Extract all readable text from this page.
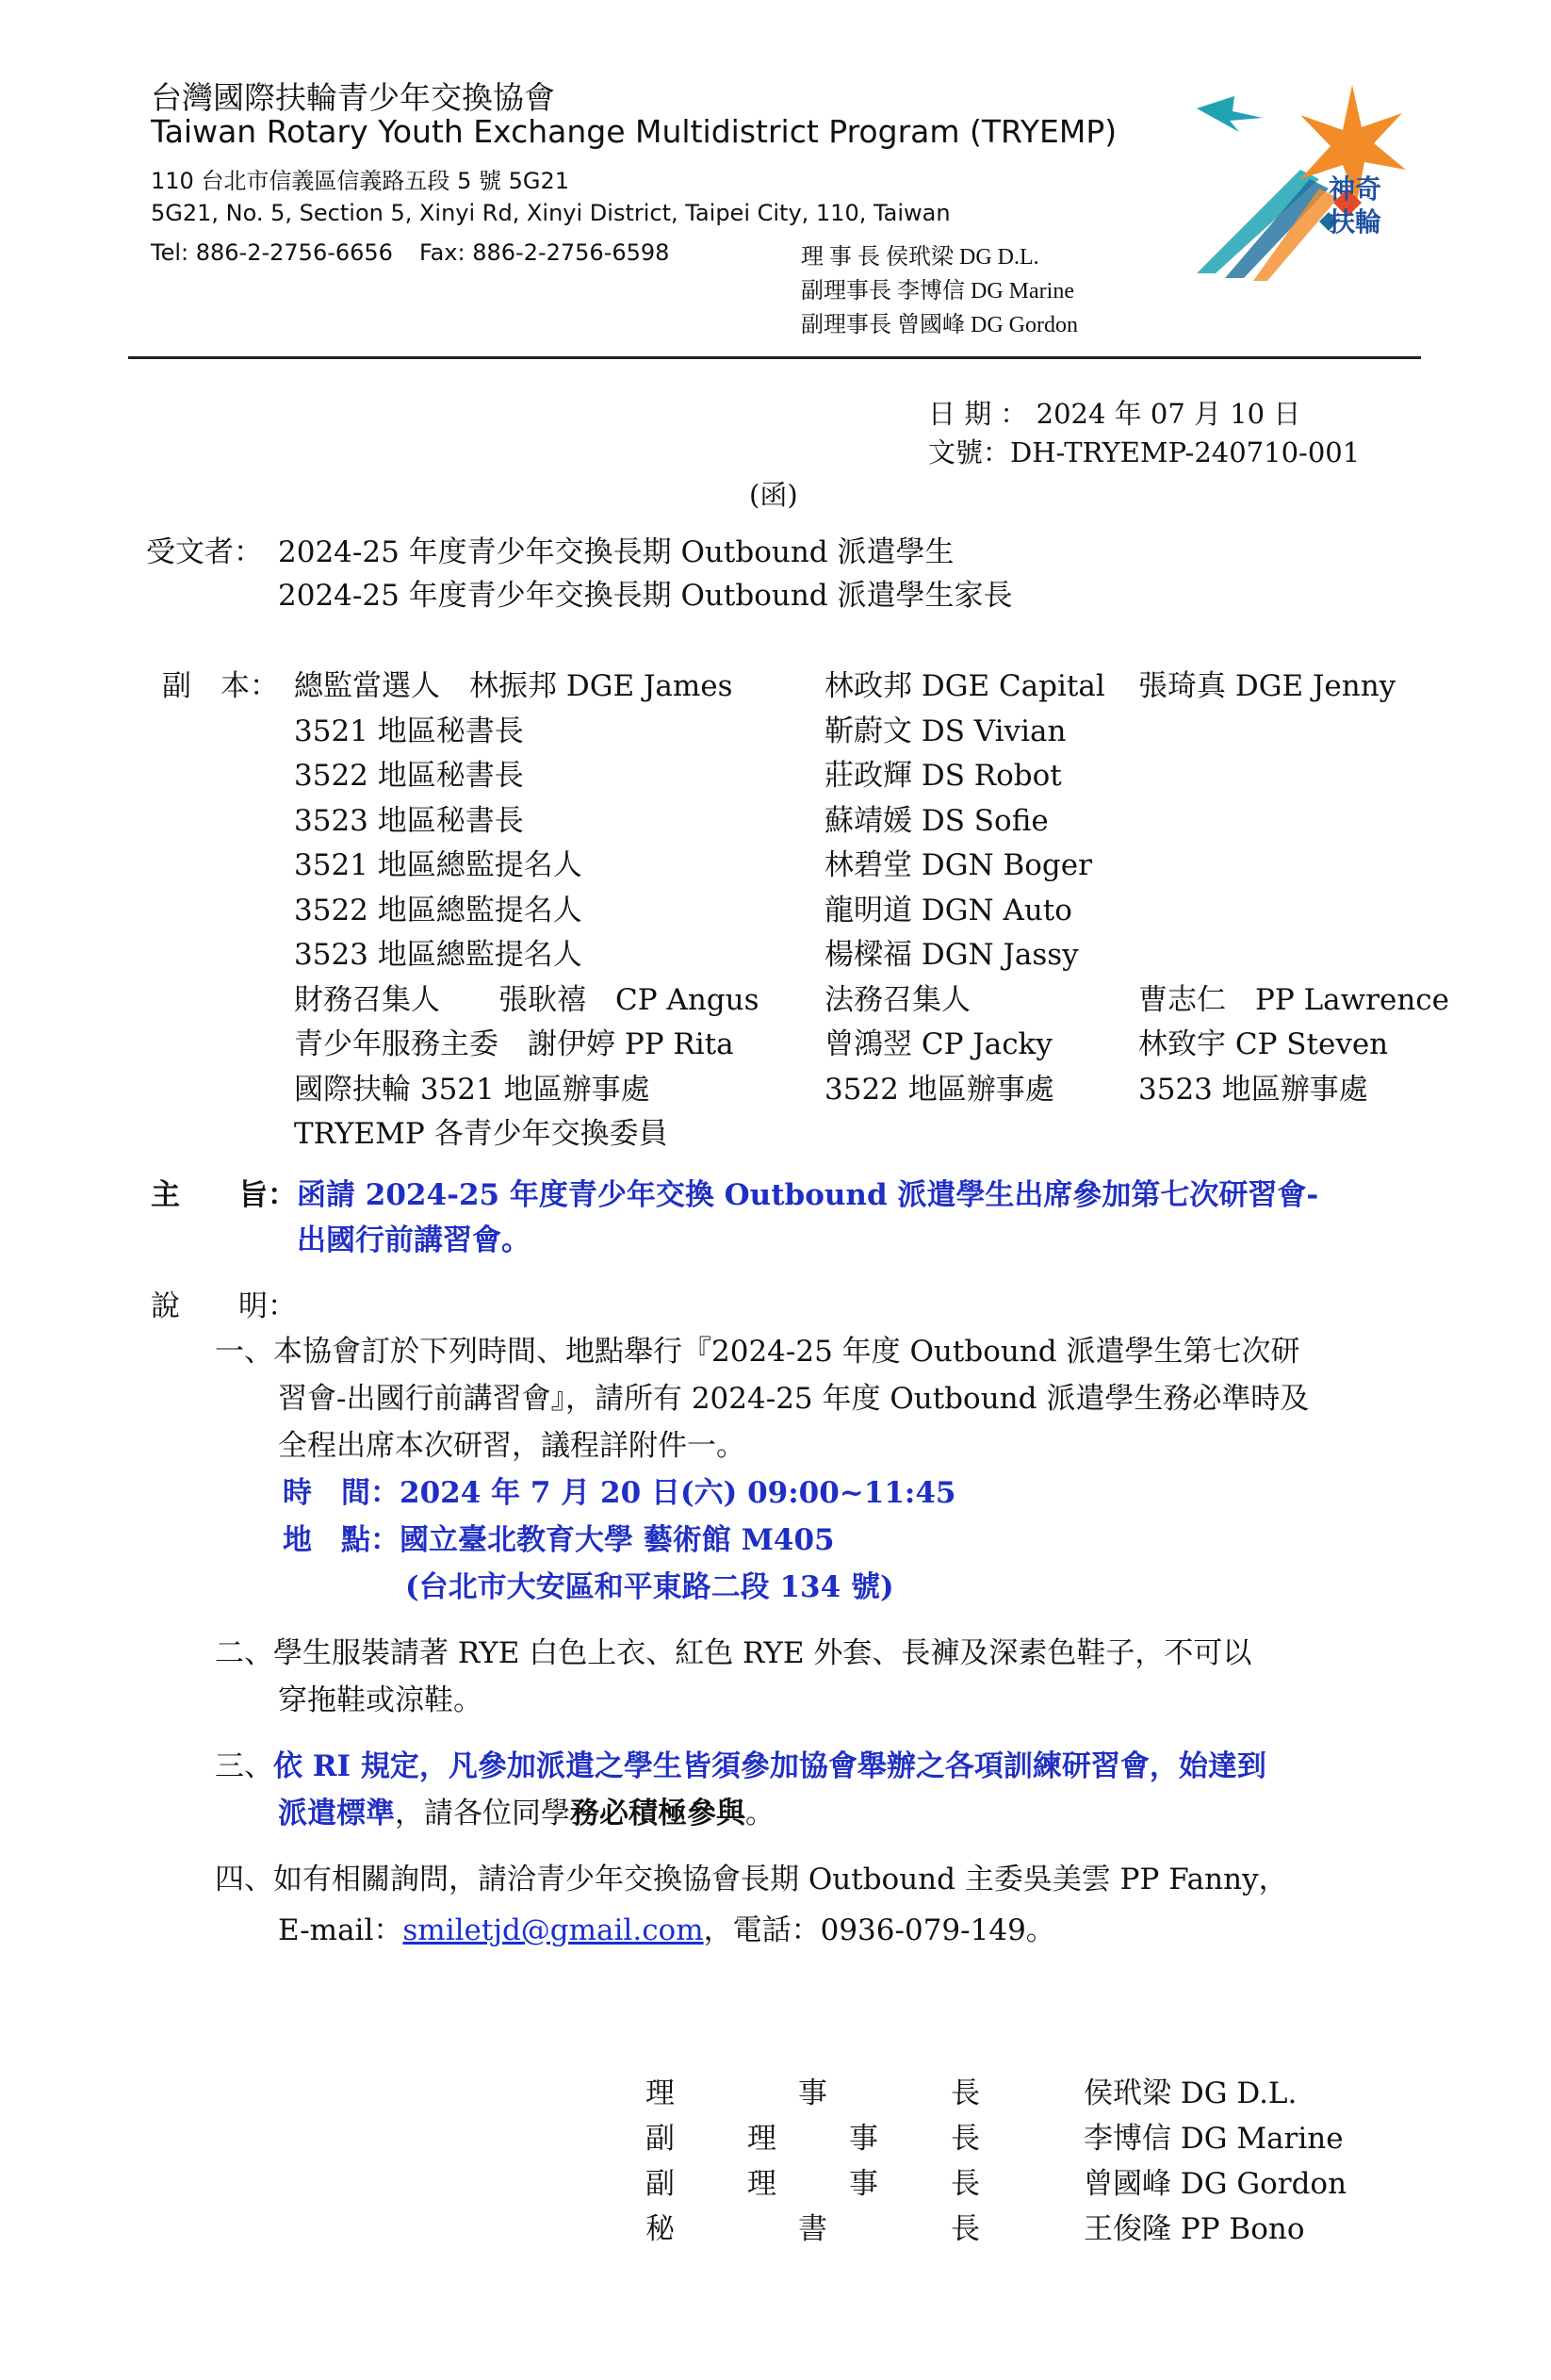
台灣國際扶輪青少年交換協會
Taiwan Rotary Youth Exchange Multidistrict Program (TRYEMP)
110 台北市信義區信義路五段 5 號 5G21
5G21, No. 5, Section 5, Xinyi Rd, Xinyi District, Taipei City, 110, Taiwan
Tel: 886-2-2756-6656 Fax: 886-2-2756-6598	理 事 長 侯玳梁 DG D.L.
副理事長 李博信 DG Marine
副理事長 曾國峰 DG Gordon
神奇
扶輪
日 期 ： 2024 年 07 月 10 日
文號：DH-TRYEMP-240710-001
(函)
受文者： 2024-25 年度青少年交換長期 Outbound 派遣學生
2024-25 年度青少年交換長期 Outbound 派遣學生家長
副　本： 總監當選人　林振邦 DGE James	林政邦 DGE Capital 張琦真 DGE Jenny
3521 地區秘書長	靳蔚文 DS Vivian
3522 地區秘書長	莊政輝 DS Robot
3523 地區秘書長	蘇靖媛 DS Sofie
3521 地區總監提名人	林碧堂 DGN Boger
3522 地區總監提名人	龍明道 DGN Auto
3523 地區總監提名人	楊樑福 DGN Jassy
財務召集人　　張耿禧　CP Angus 法務召集人	曹志仁　PP Lawrence
青少年服務主委　謝伊婷 PP Rita	曾鴻翌 CP Jacky	林致宇 CP Steven
國際扶輪 3521 地區辦事處	3522 地區辦事處	3523 地區辦事處
TRYEMP 各青少年交換委員
主　　旨： 函請 2024-25 年度青少年交換 Outbound 派遣學生出席參加第七次研習會-
出國行前講習會。
說　　明：
一、本協會訂於下列時間、地點舉行『2024-25 年度 Outbound 派遣學生第七次研
習會-出國行前講習會』，請所有 2024-25 年度 Outbound 派遣學生務必準時及
全程出席本次研習，議程詳附件一。
時　間：2024 年 7 月 20 日(六) 09:00~11:45
地　點：國立臺北教育大學 藝術館 M405
(台北市大安區和平東路二段 134 號)
二、學生服裝請著 RYE 白色上衣、紅色 RYE 外套、長褲及深素色鞋子，不可以
穿拖鞋或涼鞋。
三、依 RI 規定，凡參加派遣之學生皆須參加協會舉辦之各項訓練研習會，始達到
派遣標準，請各位同學務必積極參與。
四、如有相關詢問，請洽青少年交換協會長期 Outbound 主委吳美雲 PP Fanny，
E-mail：smiletjd@gmail.com，電話：0936-079-149。
理	事	長	侯玳梁 DG D.L.
副 理 事 長	李博信 DG Marine
副 理 事 長	曾國峰 DG Gordon
秘	書	長	王俊隆 PP Bono
